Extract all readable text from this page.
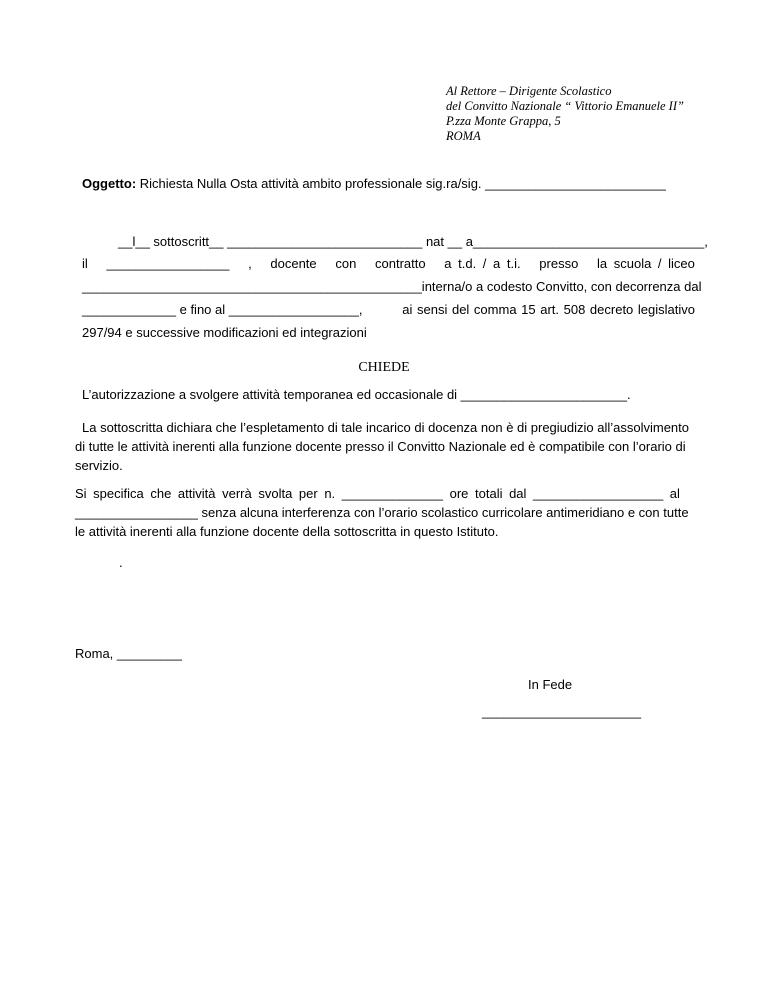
Al Rettore – Dirigente Scolastico
del Convitto Nazionale “ Vittorio Emanuele II”
P.zza Monte Grappa, 5
ROMA
Oggetto: Richiesta Nulla Osta attività ambito professionale sig.ra/sig. _________________________
__l__ sottoscritt__ ___________________________ nat __ a________________________________,
il _________________ , docente con contratto a t.d. / a t.i. presso la scuola / liceo
_______________________________________________interna/o a codesto Convitto, con decorrenza dal
_____________ e fino al __________________,	ai sensi del comma 15 art. 508 decreto legislativo
297/94 e successive modificazioni ed integrazioni
CHIEDE
L’autorizzazione a svolgere attività temporanea ed occasionale di _______________________.
La sottoscritta dichiara che l’espletamento di tale incarico di docenza non è di pregiudizio all’assolvimento
di tutte le attività inerenti alla funzione docente presso il Convitto Nazionale ed è compatibile con l’orario di
servizio.
Si specifica che attività verrà svolta per n. ______________ ore totali dal __________________ al
_________________ senza alcuna interferenza con l’orario scolastico curricolare antimeridiano e con tutte
le attività inerenti alla funzione docente della sottoscritta in questo Istituto.
.
Roma, _________
In Fede
______________________
